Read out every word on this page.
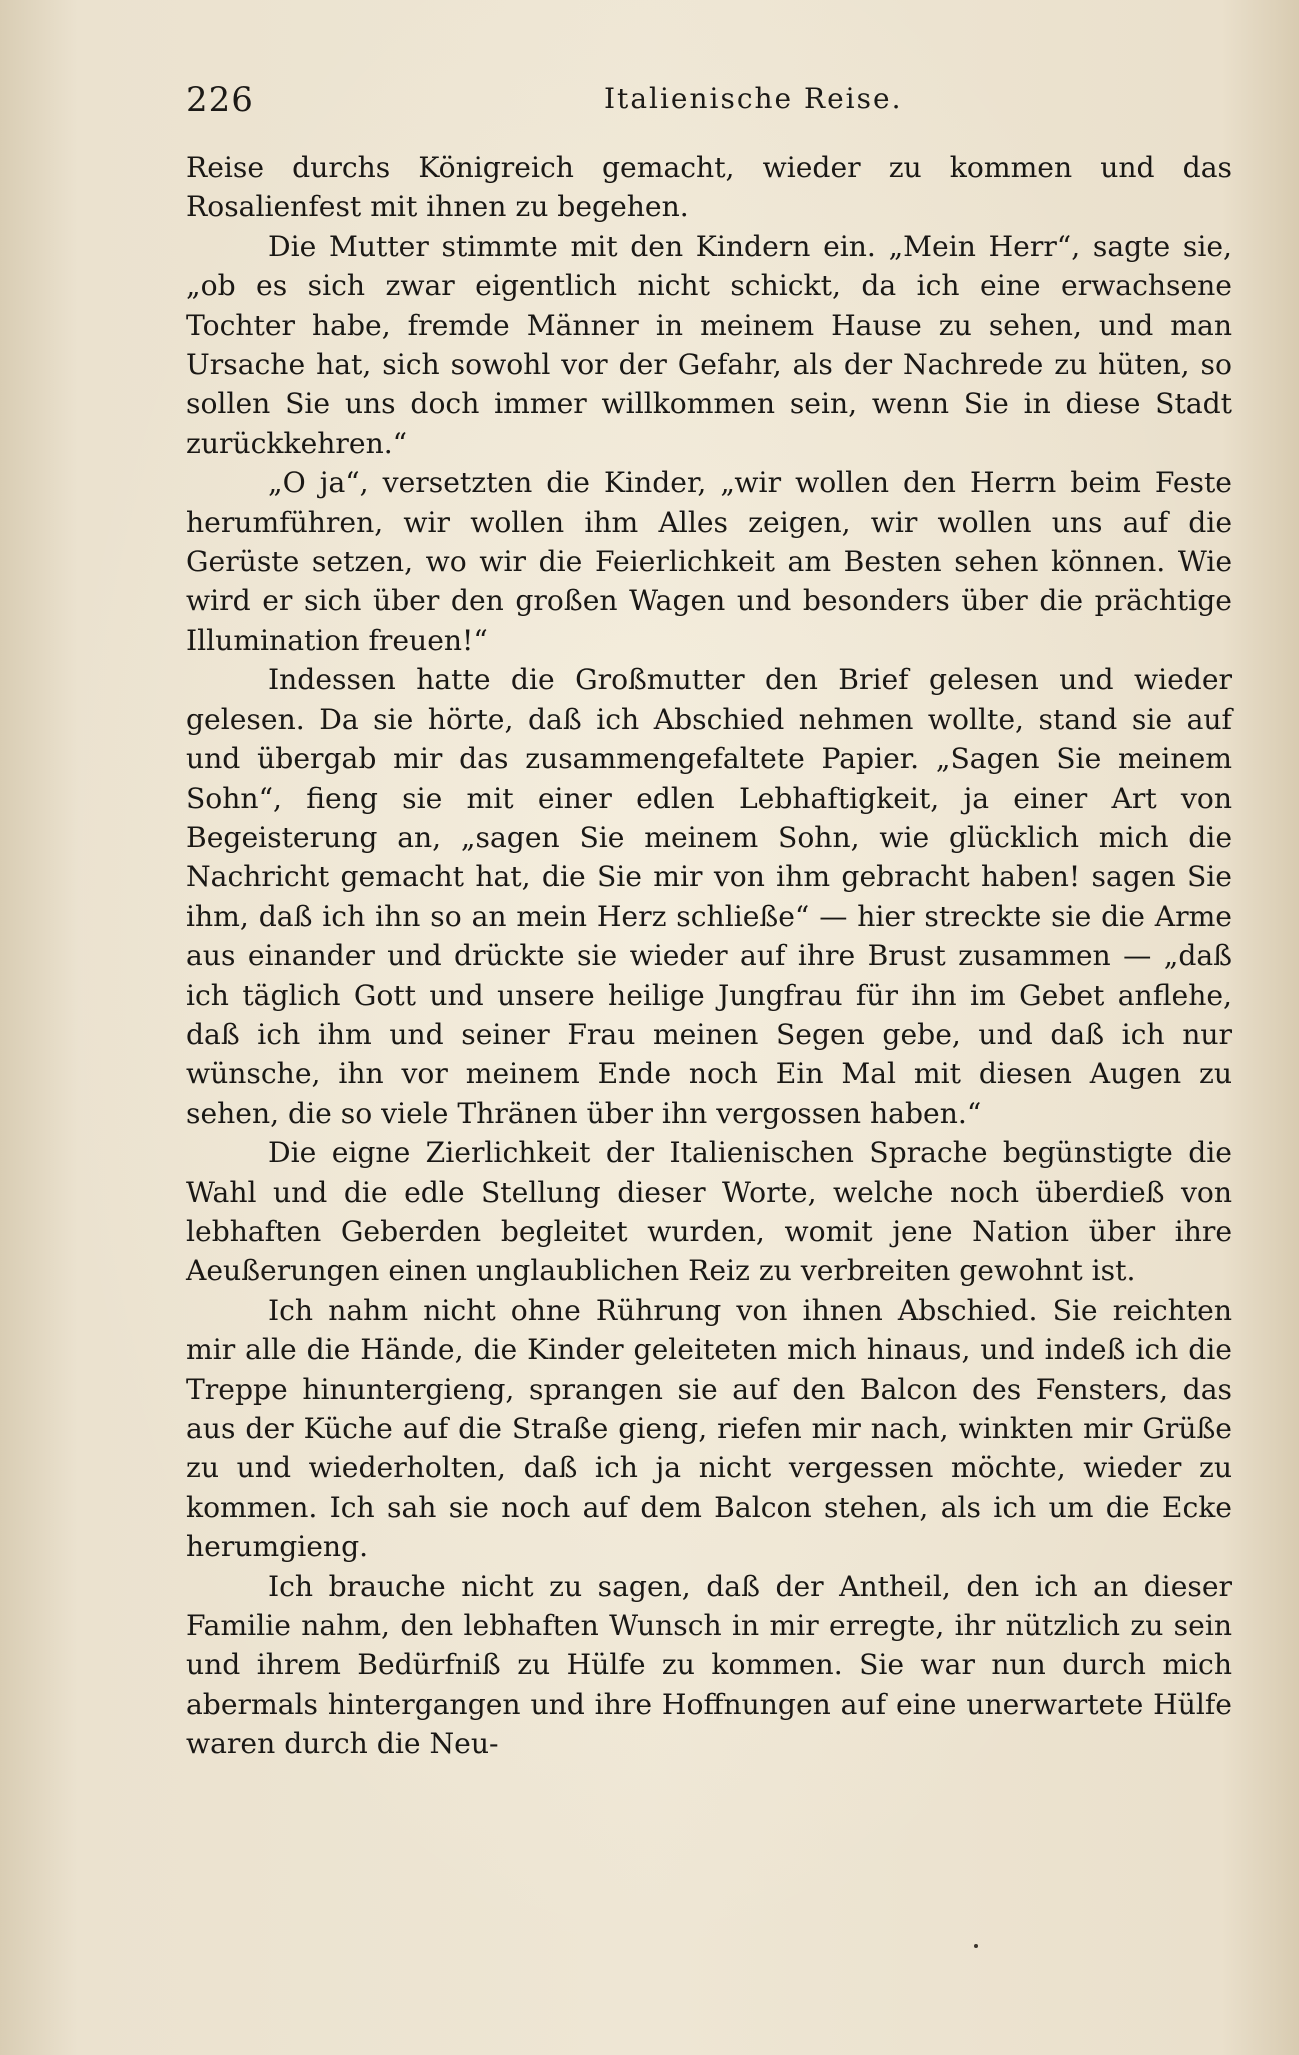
226	Italienische Reise.

Reise durchs Königreich gemacht, wieder zu kommen und das Rosalienfest mit ihnen zu begehen.

Die Mutter stimmte mit den Kindern ein. „Mein Herr“, sagte sie, „ob es sich zwar eigentlich nicht schickt, da ich eine erwachsene Tochter habe, fremde Männer in meinem Hause zu sehen, und man Ursache hat, sich sowohl vor der Gefahr, als der Nachrede zu hüten, so sollen Sie uns doch immer willkommen sein, wenn Sie in diese Stadt zurückkehren.“

„O ja“, versetzten die Kinder, „wir wollen den Herrn beim Feste herumführen, wir wollen ihm Alles zeigen, wir wollen uns auf die Gerüste setzen, wo wir die Feierlichkeit am Besten sehen können. Wie wird er sich über den großen Wagen und besonders über die prächtige Illumination freuen!“

Indessen hatte die Großmutter den Brief gelesen und wieder gelesen. Da sie hörte, daß ich Abschied nehmen wollte, stand sie auf und übergab mir das zusammengefaltete Papier. „Sagen Sie meinem Sohn“, fieng sie mit einer edlen Lebhaftigkeit, ja einer Art von Begeisterung an, „sagen Sie meinem Sohn, wie glücklich mich die Nachricht gemacht hat, die Sie mir von ihm gebracht haben! sagen Sie ihm, daß ich ihn so an mein Herz schließe“ — hier streckte sie die Arme aus einander und drückte sie wieder auf ihre Brust zusammen — „daß ich täglich Gott und unsere heilige Jungfrau für ihn im Gebet anflehe, daß ich ihm und seiner Frau meinen Segen gebe, und daß ich nur wünsche, ihn vor meinem Ende noch Ein Mal mit diesen Augen zu sehen, die so viele Thränen über ihn vergossen haben.“

Die eigne Zierlichkeit der Italienischen Sprache begünstigte die Wahl und die edle Stellung dieser Worte, welche noch überdieß von lebhaften Geberden begleitet wurden, womit jene Nation über ihre Aeußerungen einen unglaublichen Reiz zu verbreiten gewohnt ist.

Ich nahm nicht ohne Rührung von ihnen Abschied. Sie reichten mir alle die Hände, die Kinder geleiteten mich hinaus, und indeß ich die Treppe hinuntergieng, sprangen sie auf den Balcon des Fensters, das aus der Küche auf die Straße gieng, riefen mir nach, winkten mir Grüße zu und wiederholten, daß ich ja nicht vergessen möchte, wieder zu kommen. Ich sah sie noch auf dem Balcon stehen, als ich um die Ecke herumgieng.

Ich brauche nicht zu sagen, daß der Antheil, den ich an dieser Familie nahm, den lebhaften Wunsch in mir erregte, ihr nützlich zu sein und ihrem Bedürfniß zu Hülfe zu kommen. Sie war nun durch mich abermals hintergangen und ihre Hoffnungen auf eine unerwartete Hülfe waren durch die Neu-
